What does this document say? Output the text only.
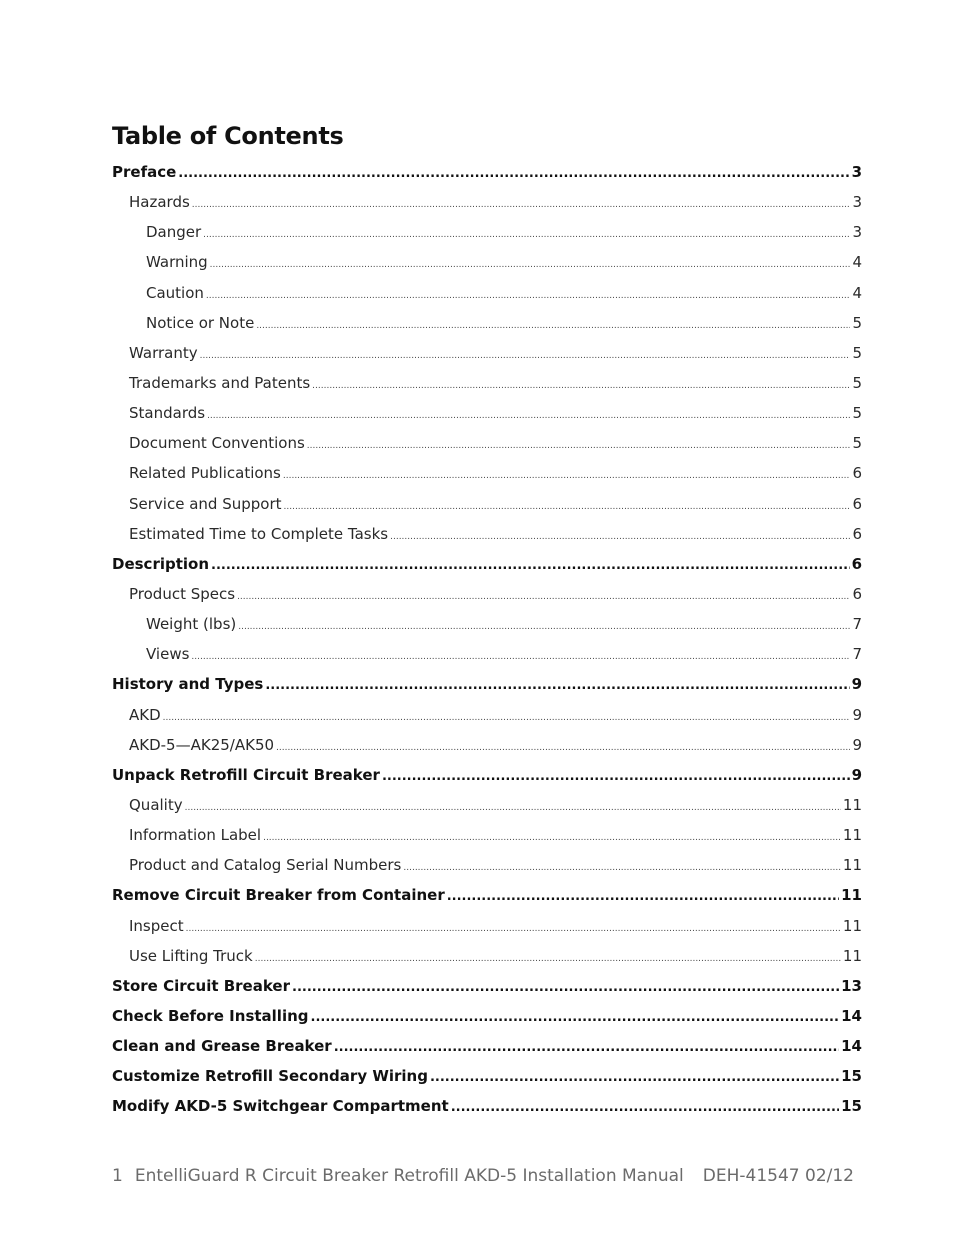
Table of Contents
Preface .....	3
Hazards .....	3
Danger .....	3
Warning .....	4
Caution .....	4
Notice or Note .....	5
Warranty .....	5
Trademarks and Patents .....	5
Standards .....	5
Document Conventions .....	5
Related Publications .....	6
Service and Support .....	6
Estimated Time to Complete Tasks .....	6
Description .....	6
Product Specs .....	6
Weight (lbs) .....	7
Views .....	7
History and Types .....	9
AKD .....	9
AKD-5—AK25/AK50 .....	9
Unpack Retrofill Circuit Breaker .....	9
Quality .....	11
Information Label .....	11
Product and Catalog Serial Numbers .....	11
Remove Circuit Breaker from Container .....	11
Inspect .....	11
Use Lifting Truck .....	11
Store Circuit Breaker .....	13
Check Before Installing .....	14
Clean and Grease Breaker .....	14
Customize Retrofill Secondary Wiring .....	15
Modify AKD-5 Switchgear Compartment .....	15
1 EntelliGuard R Circuit Breaker Retrofill AKD-5 Installation Manual	DEH-41547 02/12
